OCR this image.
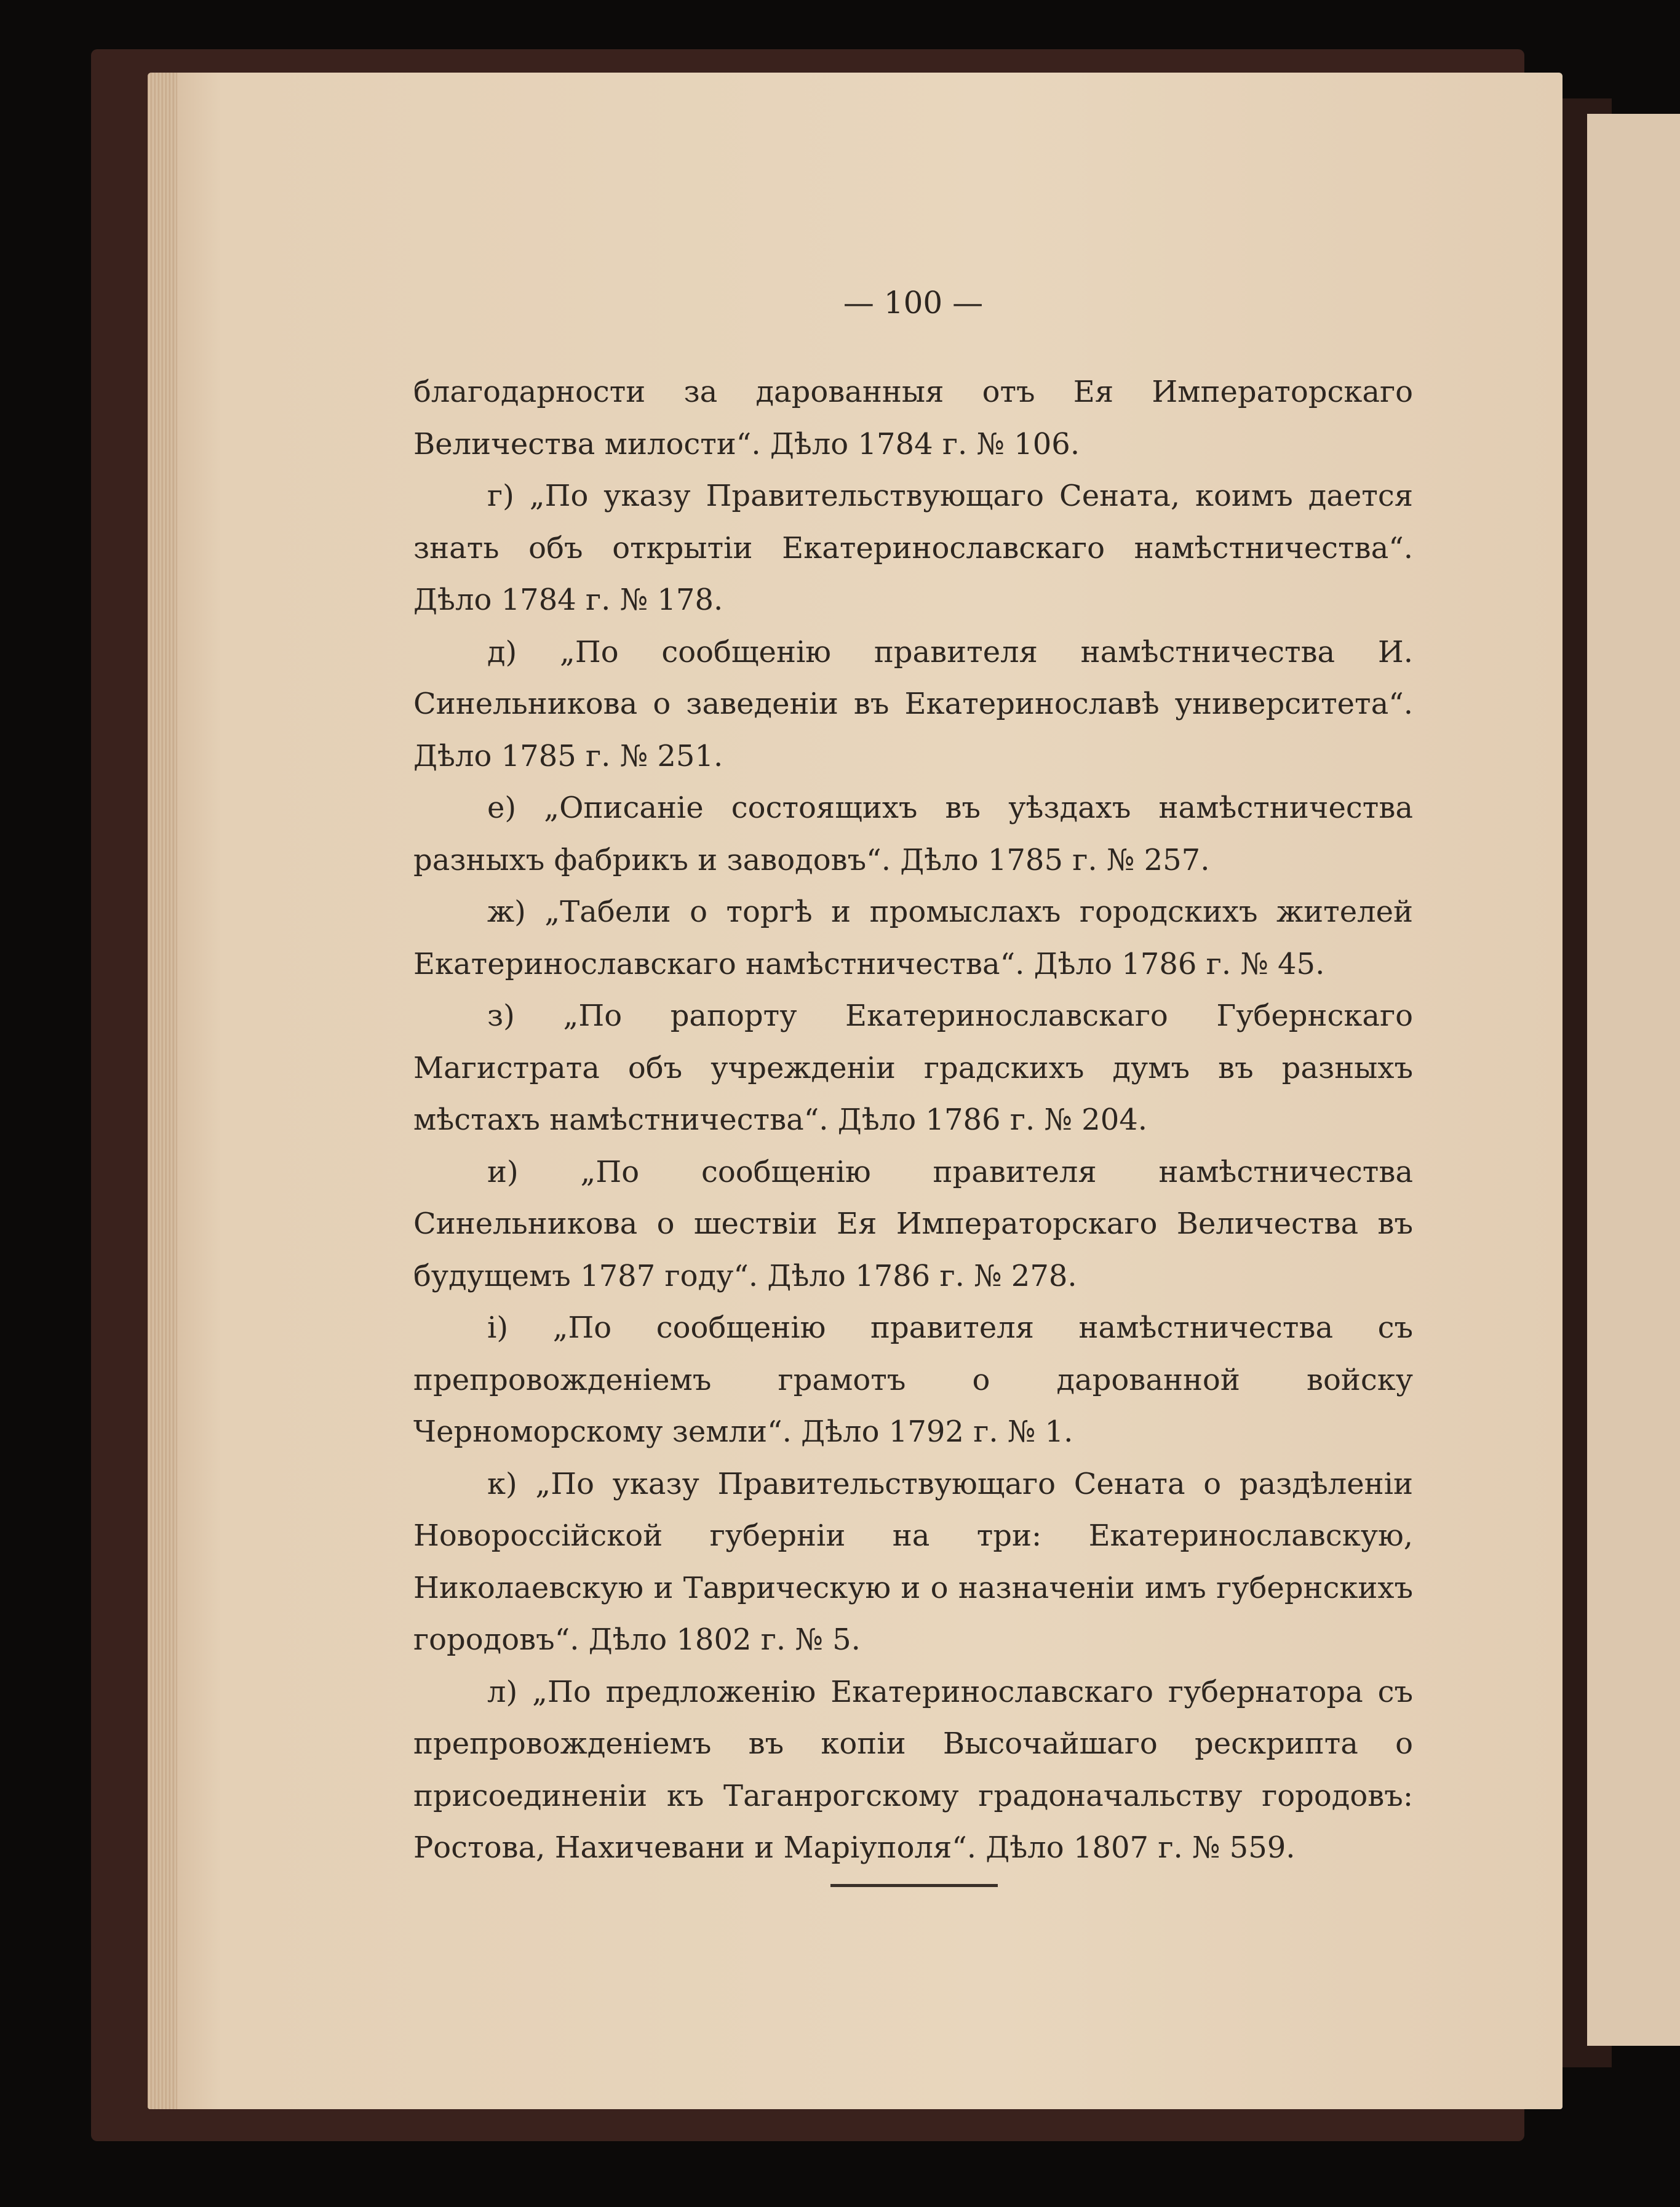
— 100 —

благодарности за дарованныя отъ Ея Императорскаго Величества милости“. Дѣло 1784 г. № 106.

г) „По указу Правительствующаго Сената, коимъ дается знать объ открытіи Екатеринославскаго намѣстничества“. Дѣло 1784 г. № 178.

д) „По сообщенію правителя намѣстничества И. Синельникова о заведеніи въ Екатеринославѣ университета“. Дѣло 1785 г. № 251.

е) „Описаніе состоящихъ въ уѣздахъ намѣстничества разныхъ фабрикъ и заводовъ“. Дѣло 1785 г. № 257.

ж) „Табели о торгѣ и промыслахъ городскихъ жителей Екатеринославскаго намѣстничества“. Дѣло 1786 г. № 45.

з) „По рапорту Екатеринославскаго Губернскаго Магистрата объ учрежденіи градскихъ думъ въ разныхъ мѣстахъ намѣстничества“. Дѣло 1786 г. № 204.

и) „По сообщенію правителя намѣстничества Синельникова о шествіи Ея Императорскаго Величества въ будущемъ 1787 году“. Дѣло 1786 г. № 278.

і) „По сообщенію правителя намѣстничества съ препровожденіемъ грамотъ о дарованной войску Черноморскому земли“. Дѣло 1792 г. № 1.

к) „По указу Правительствующаго Сената о раздѣленіи Новороссійской губерніи на три: Екатеринославскую, Николаевскую и Таврическую и о назначеніи имъ губернскихъ городовъ“. Дѣло 1802 г. № 5.

л) „По предложенію Екатеринославскаго губернатора съ препровожденіемъ въ копіи Высочайшаго рескрипта о присоединеніи къ Таганрогскому градоначальству городовъ: Ростова, Нахичевани и Маріуполя“. Дѣло 1807 г. № 559.
